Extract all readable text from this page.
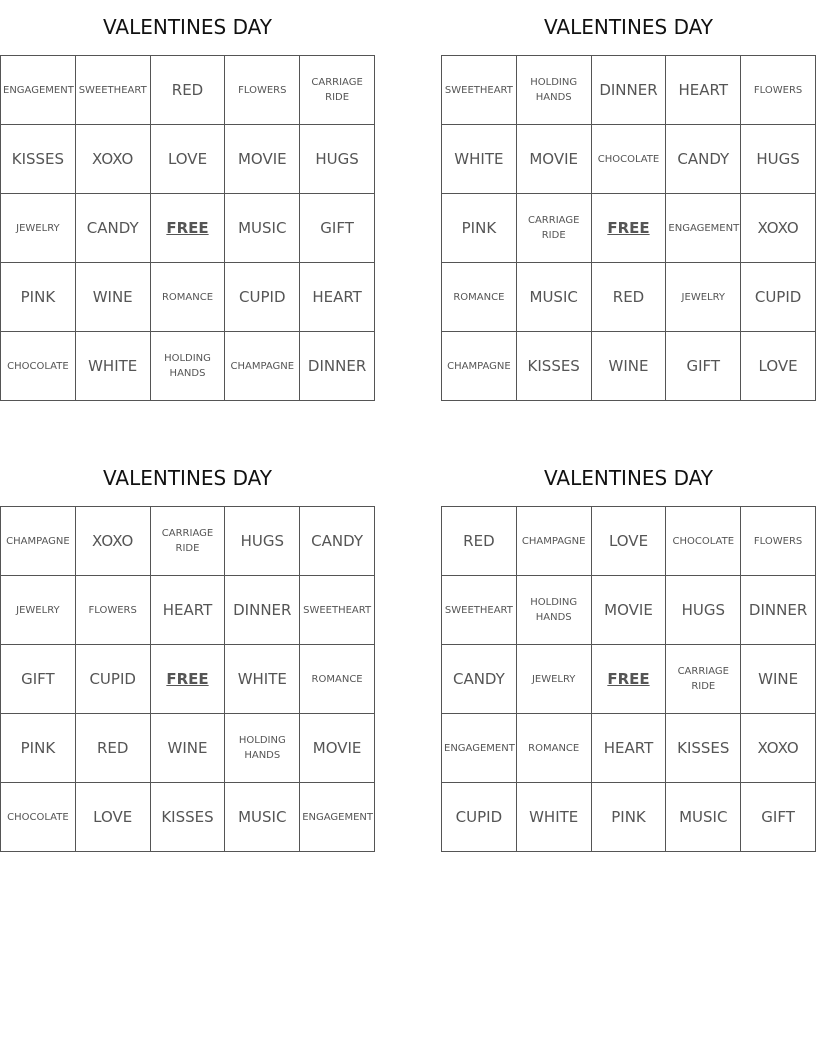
VALENTINES DAY
ENGAGEMENT	SWEETHEART	RED	FLOWERS	CARRIAGE RIDE
KISSES	XOXO	LOVE	MOVIE	HUGS
JEWELRY	CANDY	FREE	MUSIC	GIFT
PINK	WINE	ROMANCE	CUPID	HEART
CHOCOLATE	WHITE	HOLDING HANDS	CHAMPAGNE	DINNER
VALENTINES DAY
SWEETHEART	HOLDING HANDS	DINNER	HEART	FLOWERS
WHITE	MOVIE	CHOCOLATE	CANDY	HUGS
PINK	CARRIAGE RIDE	FREE	ENGAGEMENT	XOXO
ROMANCE	MUSIC	RED	JEWELRY	CUPID
CHAMPAGNE	KISSES	WINE	GIFT	LOVE
VALENTINES DAY
CHAMPAGNE	XOXO	CARRIAGE RIDE	HUGS	CANDY
JEWELRY	FLOWERS	HEART	DINNER	SWEETHEART
GIFT	CUPID	FREE	WHITE	ROMANCE
PINK	RED	WINE	HOLDING HANDS	MOVIE
CHOCOLATE	LOVE	KISSES	MUSIC	ENGAGEMENT
VALENTINES DAY
RED	CHAMPAGNE	LOVE	CHOCOLATE	FLOWERS
SWEETHEART	HOLDING HANDS	MOVIE	HUGS	DINNER
CANDY	JEWELRY	FREE	CARRIAGE RIDE	WINE
ENGAGEMENT	ROMANCE	HEART	KISSES	XOXO
CUPID	WHITE	PINK	MUSIC	GIFT
